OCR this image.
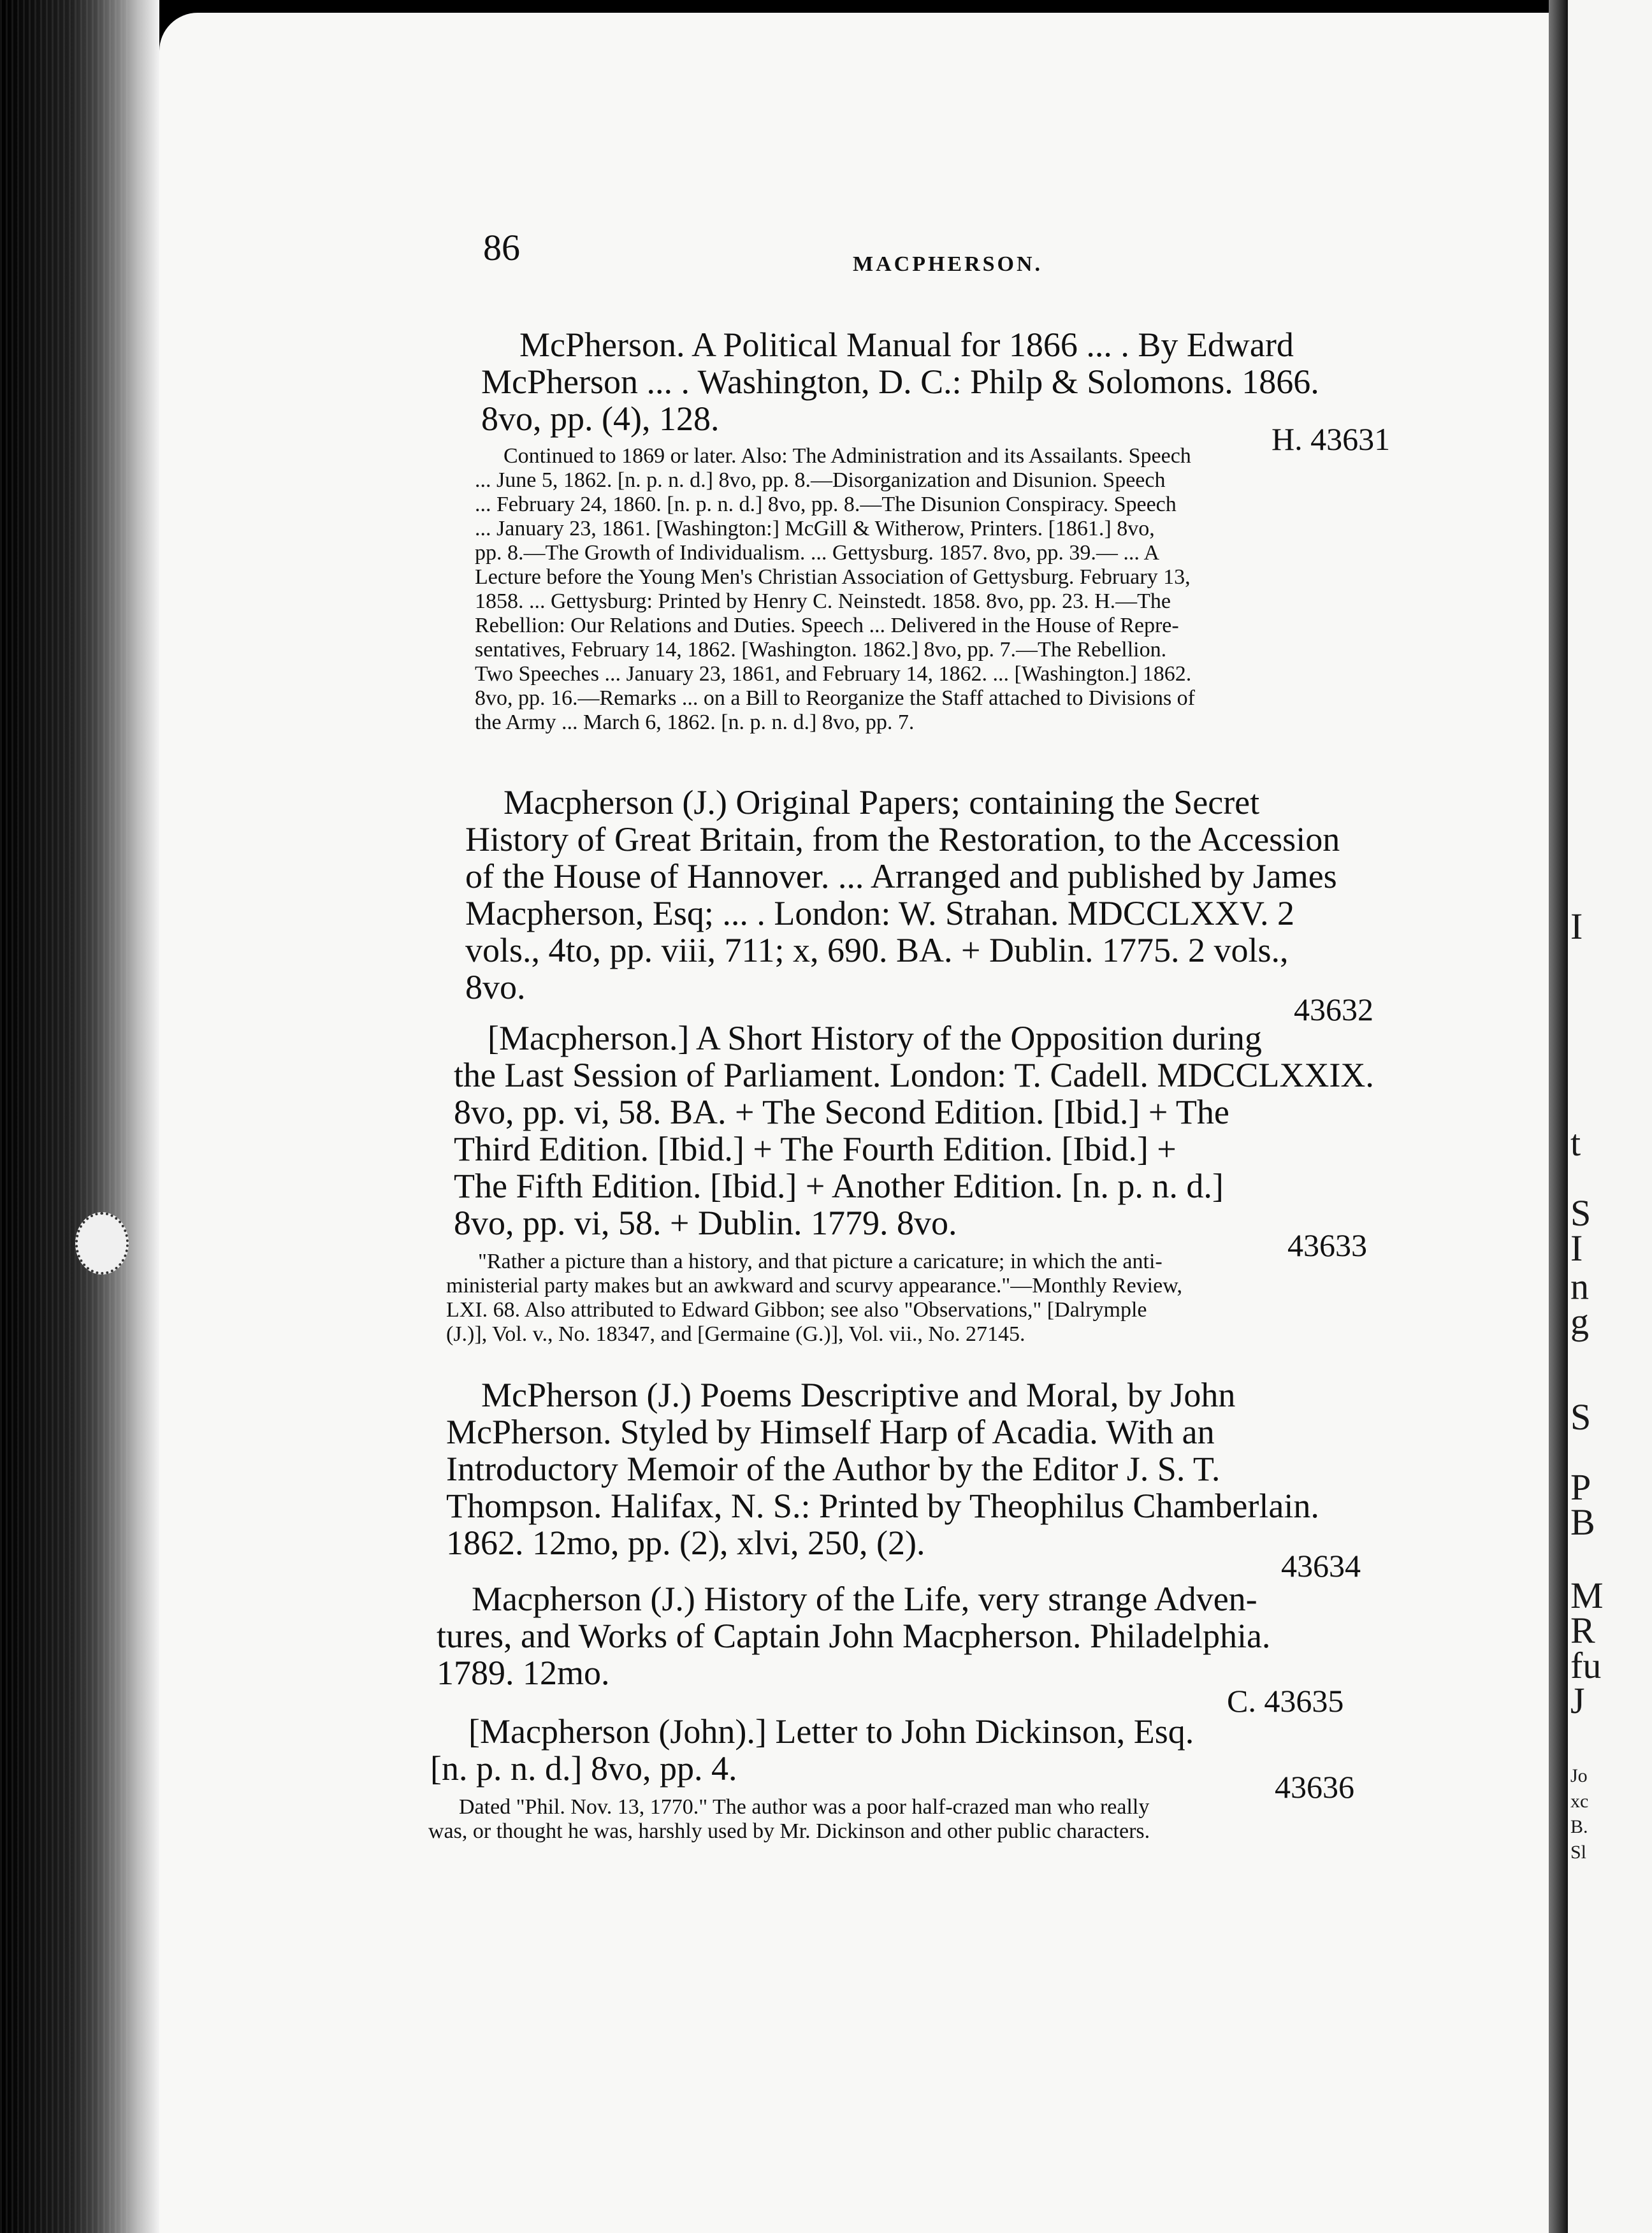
I
t
S
I
n
g
S
P
B
M
R
fu
J
Jo
xc
B.
Sl
86	MACPHERSON.
McPherson. A Political Manual for 1866 ... . By Edward
McPherson ... . Washington, D. C.: Philp & Solomons. 1866.
8vo, pp. (4), 128.
H. 43631
Continued to 1869 or later. Also: The Administration and its Assailants. Speech
... June 5, 1862. [n. p. n. d.] 8vo, pp. 8.—Disorganization and Disunion. Speech
... February 24, 1860. [n. p. n. d.] 8vo, pp. 8.—The Disunion Conspiracy. Speech
... January 23, 1861. [Washington:] McGill & Witherow, Printers. [1861.] 8vo,
pp. 8.—The Growth of Individualism. ... Gettysburg. 1857. 8vo, pp. 39.— ... A
Lecture before the Young Men's Christian Association of Gettysburg. February 13,
1858. ... Gettysburg: Printed by Henry C. Neinstedt. 1858. 8vo, pp. 23. H.—The
Rebellion: Our Relations and Duties. Speech ... Delivered in the House of Repre-
sentatives, February 14, 1862. [Washington. 1862.] 8vo, pp. 7.—The Rebellion.
Two Speeches ... January 23, 1861, and February 14, 1862. ... [Washington.] 1862.
8vo, pp. 16.—Remarks ... on a Bill to Reorganize the Staff attached to Divisions of
the Army ... March 6, 1862. [n. p. n. d.] 8vo, pp. 7.
Macpherson (J.) Original Papers; containing the Secret
History of Great Britain, from the Restoration, to the Accession
of the House of Hannover. ... Arranged and published by James
Macpherson, Esq; ... . London: W. Strahan. MDCCLXXV. 2
vols., 4to, pp. viii, 711; x, 690. BA. + Dublin. 1775. 2 vols.,
8vo.
43632
[Macpherson.] A Short History of the Opposition during
the Last Session of Parliament. London: T. Cadell. MDCCLXXIX.
8vo, pp. vi, 58. BA. + The Second Edition. [Ibid.] + The
Third Edition. [Ibid.] + The Fourth Edition. [Ibid.] +
The Fifth Edition. [Ibid.] + Another Edition. [n. p. n. d.]
8vo, pp. vi, 58. + Dublin. 1779. 8vo.
43633
"Rather a picture than a history, and that picture a caricature; in which the anti-
ministerial party makes but an awkward and scurvy appearance."—Monthly Review,
LXI. 68. Also attributed to Edward Gibbon; see also "Observations," [Dalrymple
(J.)], Vol. v., No. 18347, and [Germaine (G.)], Vol. vii., No. 27145.
McPherson (J.) Poems Descriptive and Moral, by John
McPherson. Styled by Himself Harp of Acadia. With an
Introductory Memoir of the Author by the Editor J. S. T.
Thompson. Halifax, N. S.: Printed by Theophilus Chamberlain.
1862. 12mo, pp. (2), xlvi, 250, (2).
43634
Macpherson (J.) History of the Life, very strange Adven-
tures, and Works of Captain John Macpherson. Philadelphia.
1789. 12mo.
C. 43635
[Macpherson (John).] Letter to John Dickinson, Esq.
[n. p. n. d.] 8vo, pp. 4.	43636
Dated "Phil. Nov. 13, 1770." The author was a poor half-crazed man who really
was, or thought he was, harshly used by Mr. Dickinson and other public characters.
